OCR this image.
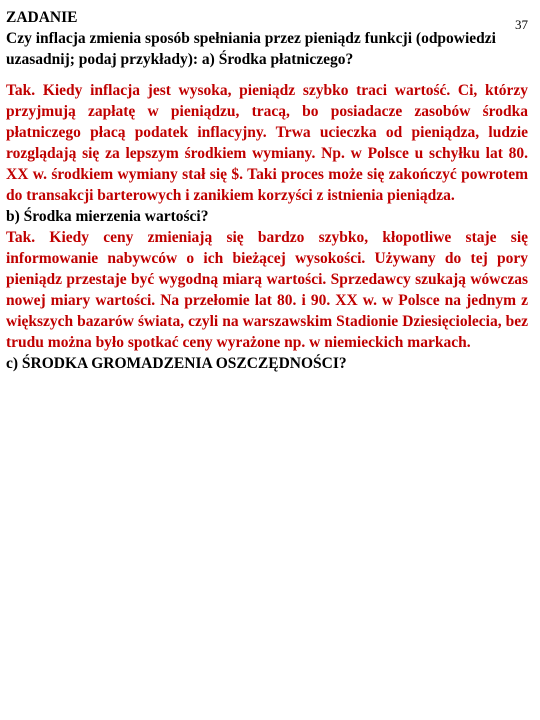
37

ZADANIE

Czy inflacja zmienia sposób spełniania przez pieniądz funkcji (odpowiedzi uzasadnij; podaj przykłady): a) Środka płatniczego?

Tak. Kiedy inflacja jest wysoka, pieniądz szybko traci wartość. Ci, którzy przyjmują zapłatę w pieniądzu, tracą, bo posiadacze zasobów środka płatniczego płacą podatek inflacyjny. Trwa ucieczka od pieniądza, ludzie rozglądają się za lepszym środkiem wymiany. Np. w Polsce u schyłku lat 80. XX w. środkiem wymiany stał się $. Taki proces może się zakończyć powrotem do transakcji barterowych i zanikiem korzyści z istnienia pieniądza.

b) Środka mierzenia wartości?

Tak. Kiedy ceny zmieniają się bardzo szybko, kłopotliwe staje się informowanie nabywców o ich bieżącej wysokości. Używany do tej pory pieniądz przestaje być wygodną miarą wartości. Sprzedawcy szukają wówczas nowej miary wartości. Na przełomie lat 80. i 90. XX w. w Polsce na jednym z większych bazarów świata, czyli na warszawskim Stadionie Dziesięciolecia, bez trudu można było spotkać ceny wyrażone np. w niemieckich markach.

c) ŚRODKA GROMADZENIA OSZCZĘDNOŚCI?
